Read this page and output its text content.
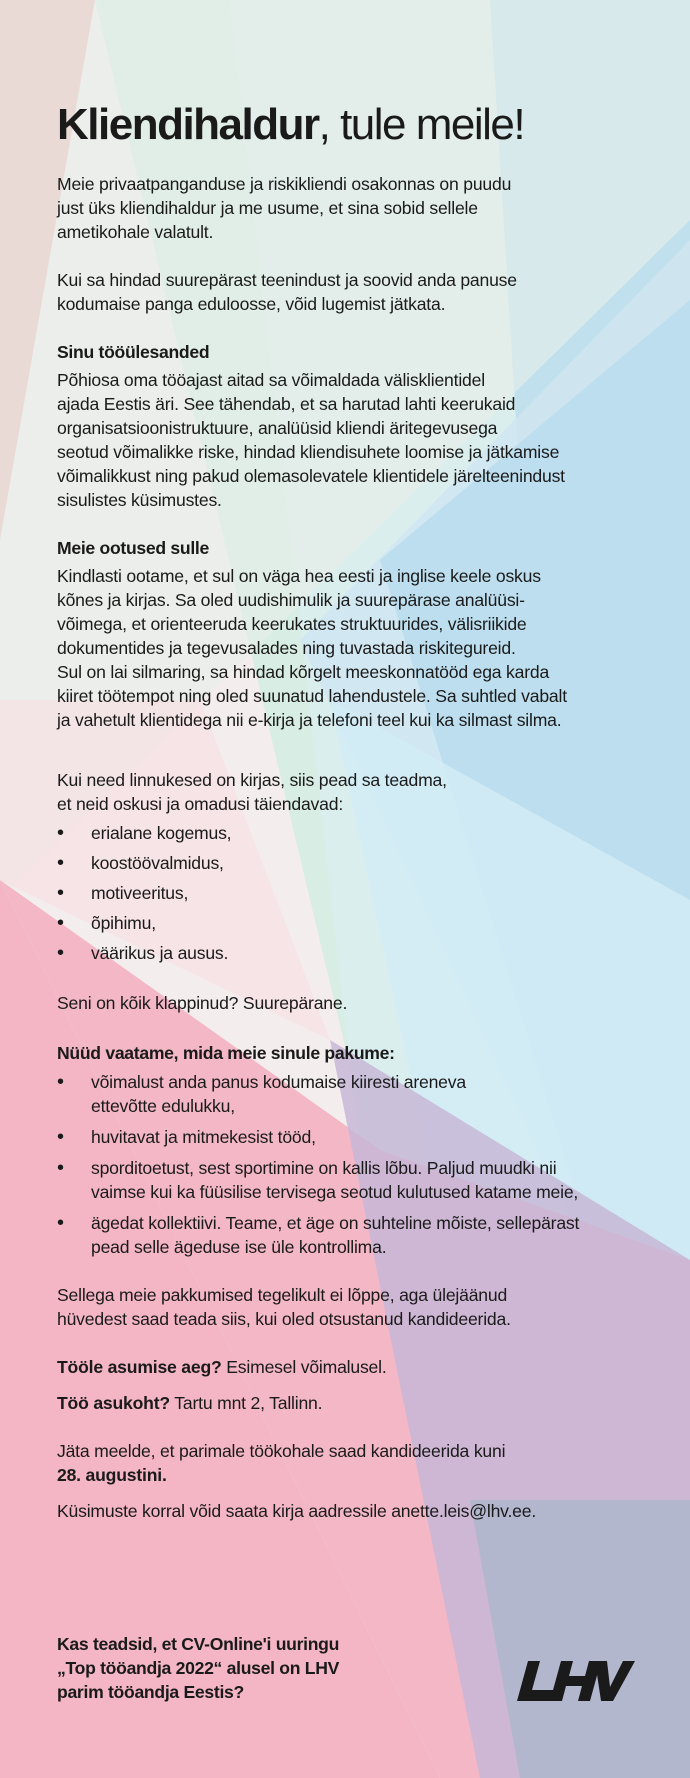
Kliendihaldur, tule meile!

Meie privaatpanganduse ja riskikliendi osakonnas on puudu

just üks kliendihaldur ja me usume, et sina sobid sellele

ametikohale valatult.

Kui sa hindad suurepärast teenindust ja soovid anda panuse

kodumaise panga eduloosse, võid lugemist jätkata.

Sinu tööülesanded

Põhiosa oma tööajast aitad sa võimaldada välisklientidel

ajada Eestis äri. See tähendab, et sa harutad lahti keerukaid

organisatsioonistruktuure, analüüsid kliendi äritegevusega

seotud võimalikke riske, hindad kliendisuhete loomise ja jätkamise

võimalikkust ning pakud olemasolevatele klientidele järelteenindust

sisulistes küsimustes.

Meie ootused sulle

Kindlasti ootame, et sul on väga hea eesti ja inglise keele oskus

kõnes ja kirjas. Sa oled uudishimulik ja suurepärase analüüsi-

võimega, et orienteeruda keerukates struktuurides, välisriikide

dokumentides ja tegevusalades ning tuvastada riskitegureid.

Sul on lai silmaring, sa hindad kõrgelt meeskonnatööd ega karda

kiiret töötempot ning oled suunatud lahendustele. Sa suhtled vabalt

ja vahetult klientidega nii e-kirja ja telefoni teel kui ka silmast silma.

Kui need linnukesed on kirjas, siis pead sa teadma,

et neid oskusi ja omadusi täiendavad:

• erialane kogemus,
• koostöövalmidus,
• motiveeritus,
• õpihimu,
• väärikus ja ausus.

Seni on kõik klappinud? Suurepärane.

Nüüd vaatame, mida meie sinule pakume:

• võimalust anda panus kodumaise kiiresti areneva
ettevõtte edulukku,
• huvitavat ja mitmekesist tööd,
• sporditoetust, sest sportimine on kallis lõbu. Paljud muudki nii
vaimse kui ka füüsilise tervisega seotud kulutused katame meie,
• ägedat kollektiivi. Teame, et äge on suhteline mõiste, sellepärast
pead selle ägeduse ise üle kontrollima.

Sellega meie pakkumised tegelikult ei lõppe, aga ülejäänud

hüvedest saad teada siis, kui oled otsustanud kandideerida.

Tööle asumise aeg? Esimesel võimalusel.

Töö asukoht? Tartu mnt 2, Tallinn.

Jäta meelde, et parimale töökohale saad kandideerida kuni

28. augustini.

Küsimuste korral võid saata kirja aadressile anette.leis@lhv.ee.

Kas teadsid, et CV-Online'i uuringu
„Top tööandja 2022“ alusel on LHV
parim tööandja Eestis?
